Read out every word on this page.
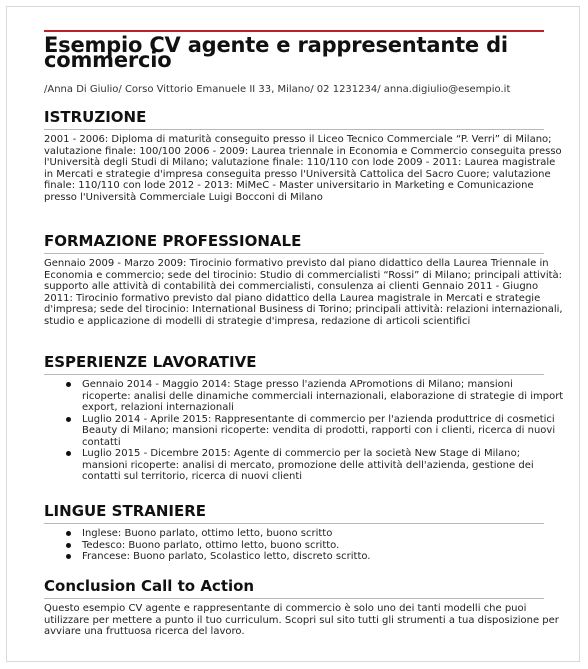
Esempio CV agente e rappresentante di commercio
/Anna Di Giulio/ Corso Vittorio Emanuele II 33, Milano/ 02 1231234/ anna.digiulio@esempio.it
ISTRUZIONE

2001 - 2006: Diploma di maturità conseguito presso il Liceo Tecnico Commerciale “P. Verri” di Milano; valutazione finale: 100/100 2006 - 2009: Laurea triennale in Economia e Commercio conseguita presso l'Università degli Studi di Milano; valutazione finale: 110/110 con lode 2009 - 2011: Laurea magistrale in Mercati e strategie d'impresa conseguita presso l'Università Cattolica del Sacro Cuore; valutazione finale: 110/110 con lode 2012 - 2013: MiMeC - Master universitario in Marketing e Comunicazione presso l'Università Commerciale Luigi Bocconi di Milano

FORMAZIONE PROFESSIONALE

Gennaio 2009 - Marzo 2009: Tirocinio formativo previsto dal piano didattico della Laurea Triennale in Economia e commercio; sede del tirocinio: Studio di commercialisti “Rossi” di Milano; principali attività: supporto alle attività di contabilità dei commercialisti, consulenza ai clienti Gennaio 2011 - Giugno 2011: Tirocinio formativo previsto dal piano didattico della Laurea magistrale in Mercati e strategie d'impresa; sede del tirocinio: International Business di Torino; principali attività: relazioni internazionali, studio e applicazione di modelli di strategie d'impresa, redazione di articoli scientifici

ESPERIENZE LAVORATIVE
Gennaio 2014 - Maggio 2014: Stage presso l'azienda APromotions di Milano; mansioni ricoperte: analisi delle dinamiche commerciali internazionali, elaborazione di strategie di import export, relazioni internazionali
Luglio 2014 - Aprile 2015: Rappresentante di commercio per l'azienda produttrice di cosmetici Beauty di Milano; mansioni ricoperte: vendita di prodotti, rapporti con i clienti, ricerca di nuovi contatti
Luglio 2015 - Dicembre 2015: Agente di commercio per la società New Stage di Milano; mansioni ricoperte: analisi di mercato, promozione delle attività dell'azienda, gestione dei contatti sul territorio, ricerca di nuovi clienti
LINGUE STRANIERE
Inglese: Buono parlato, ottimo letto, buono scritto
Tedesco: Buono parlato, ottimo letto, buono scritto.
Francese: Buono parlato, Scolastico letto, discreto scritto.
Conclusion Call to Action

Questo esempio CV agente e rappresentante di commercio è solo uno dei tanti modelli che puoi utilizzare per mettere a punto il tuo curriculum. Scopri sul sito tutti gli strumenti a tua disposizione per avviare una fruttuosa ricerca del lavoro.
